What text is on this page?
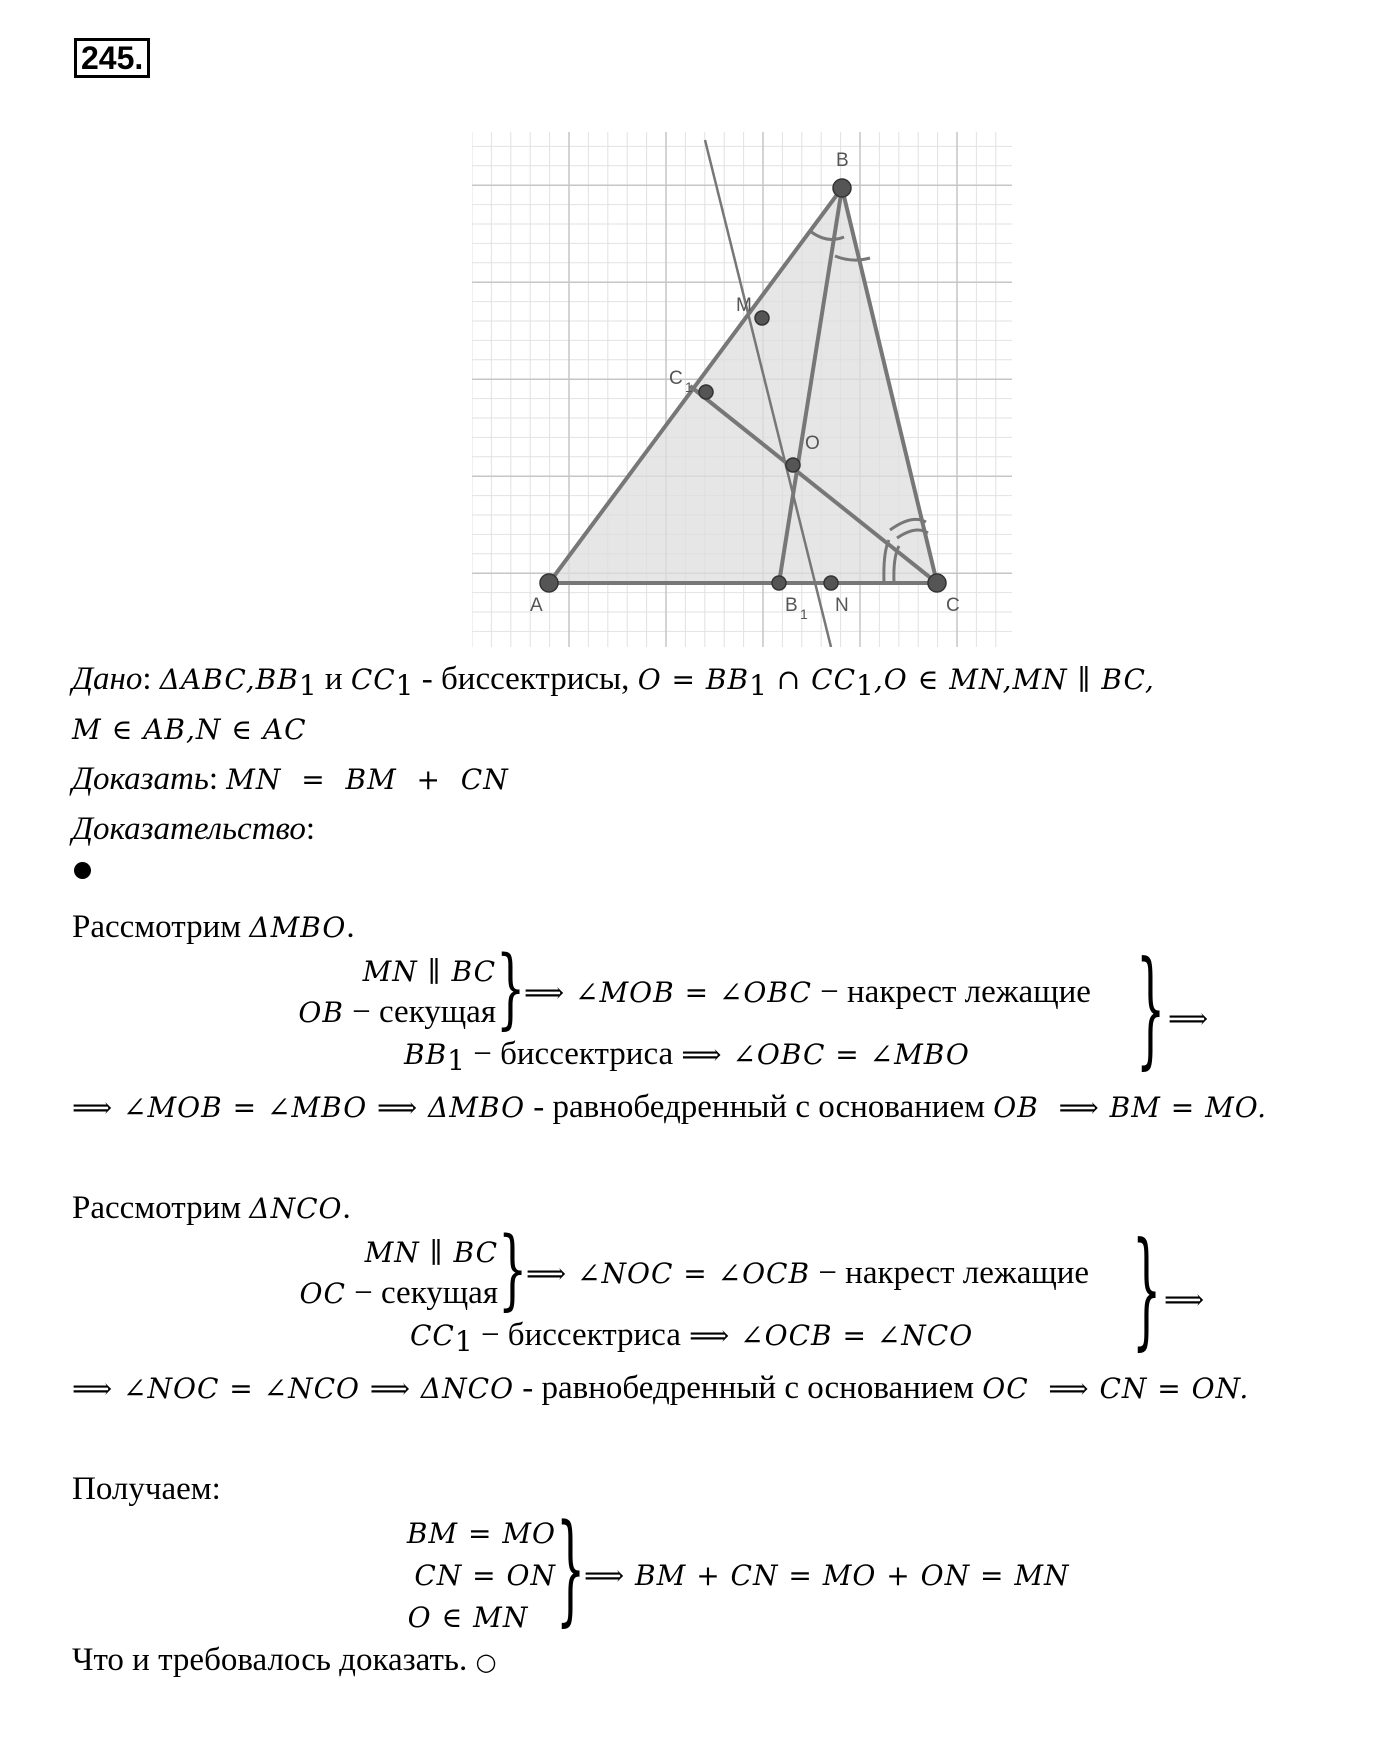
245.
B
M
C 1
O
A	B 1 N	C
Дано: $\Delta ABC,BB_1$ и $CC_1$ - биссектрисы, $O = BB_1$ ∩ $CC_1,O$ ∈ MN,MN ∥ BC,
M ∈ AB,N ∈ AC
Доказать: MN  =  BM  +  CN
Доказательство:
Рассмотрим ΔMBO.
MN ∥ BC
OB − секущая }
⟹ ∠MOB = ∠OBC − накрест лежащие
$BB_1$ − биссектриса ⟹ ∠OBC = ∠MBO	} ⟹
⟹ ∠MOB = ∠MBO ⟹ ΔMBO - равнобедренный с основанием OB  ⟹ BM = MO.
Рассмотрим ΔNCO.
MN ∥ BC
OC − секущая }
⟹ ∠NOC = ∠OCB − накрест лежащие
$CC_1$ − биссектриса ⟹ ∠OCB = ∠NCO	} ⟹
⟹ ∠NOC = ∠NCO ⟹ ΔNCO - равнобедренный с основанием OC  ⟹ CN = ON.
Получаем:
BM = MO
CN = ON
O ∈ MN }
⟹ BM + CN = MO + ON = MN
Что и требовалось доказать. ○
